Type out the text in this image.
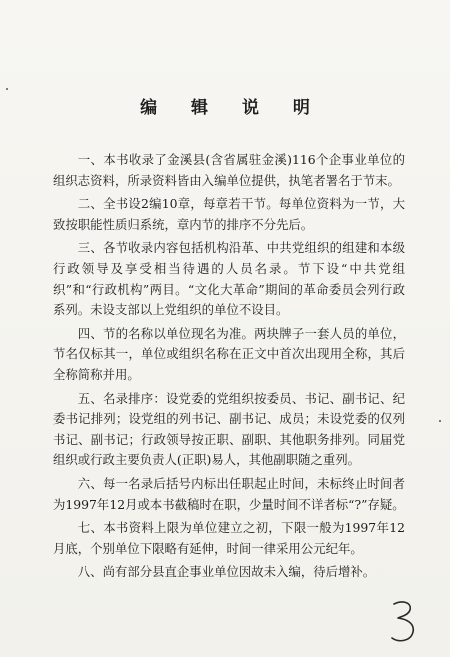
编 辑 说 明

一、本书收录了金溪县(含省属驻金溪)116个企事业单位的组织志资料，所录资料皆由入编单位提供，执笔者署名于节末。

二、全书设2编10章，每章若干节。每单位资料为一节，大致按职能性质归系统，章内节的排序不分先后。

三、各节收录内容包括机构沿革、中共党组织的组建和本级行政领导及享受相当待遇的人员名录。节下设“中共党组织”和“行政机构”两目。“文化大革命”期间的革命委员会列行政系列。未设支部以上党组织的单位不设目。

四、节的名称以单位现名为准。两块牌子一套人员的单位，节名仅标其一，单位或组织名称在正文中首次出现用全称，其后全称简称并用。

五、名录排序：设党委的党组织按委员、书记、副书记、纪委书记排列；设党组的列书记、副书记、成员；未设党委的仅列书记、副书记；行政领导按正职、副职、其他职务排列。同届党组织或行政主要负责人(正职)易人，其他副职随之重列。

六、每一名录后括号内标出任职起止时间，未标终止时间者为1997年12月或本书截稿时在职，少量时间不详者标“?”存疑。

七、本书资料上限为单位建立之初，下限一般为1997年12月底，个别单位下限略有延伸，时间一律采用公元纪年。

八、尚有部分县直企事业单位因故未入编，待后增补。
